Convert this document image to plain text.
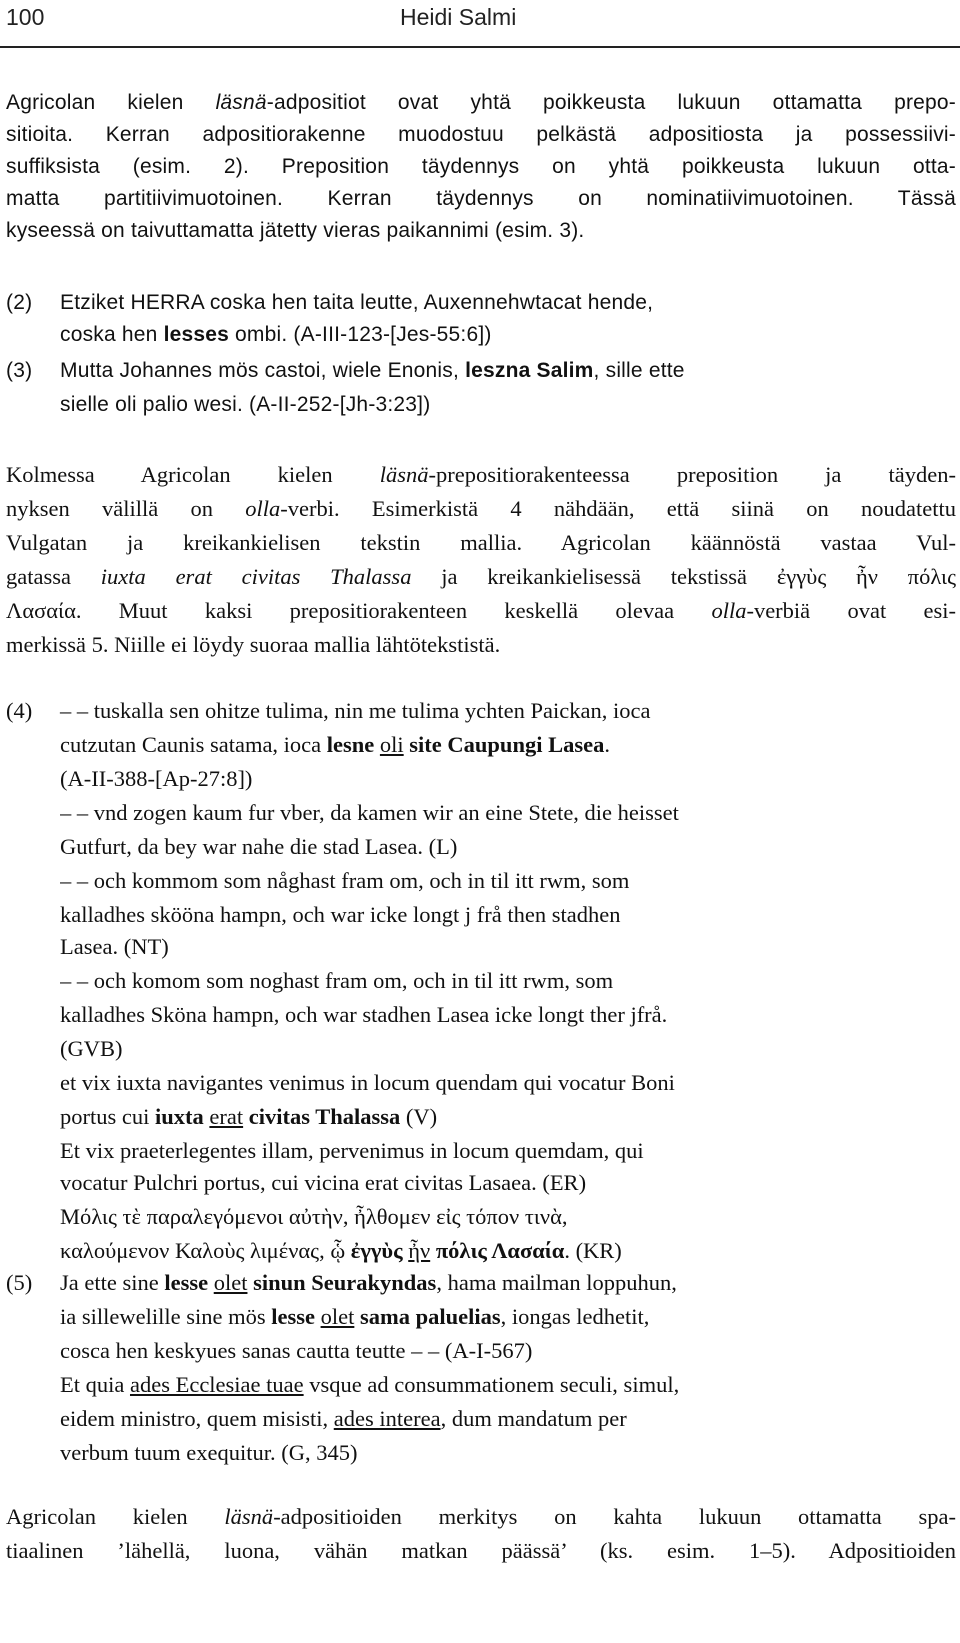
100	Heidi Salmi
Agricolan kielen läsnä-adpositiot ovat yhtä poikkeusta lukuun ottamatta prepo-
sitioita. Kerran adpositiorakenne muodostuu pelkästä adpositiosta ja possessiivi-
suffiksista (esim. 2). Preposition täydennys on yhtä poikkeusta lukuun otta-
matta partitiivimuotoinen. Kerran täydennys on nominatiivimuotoinen. Tässä
kyseessä on taivuttamatta jätetty vieras paikannimi (esim. 3).
(2) Etziket HERRA coska hen taita leutte, Auxennehwtacat hende,
coska hen lesses ombi. (A-III-123-[Jes-55:6])
(3) Mutta Johannes mös castoi, wiele Enonis, leszna Salim, sille ette
sielle oli palio wesi. (A-II-252-[Jh-3:23])
Kolmessa Agricolan kielen läsnä-prepositiorakenteessa preposition ja täyden-
nyksen välillä on olla-verbi. Esimerkistä 4 nähdään, että siinä on noudatettu
Vulgatan ja kreikankielisen tekstin mallia. Agricolan käännöstä vastaa Vul-
gatassa iuxta erat civitas Thalassa ja kreikankielisessä tekstissä ἐγγὺς ἦν πόλις
Λασαία. Muut kaksi prepositiorakenteen keskellä olevaa olla-verbiä ovat esi-
merkissä 5. Niille ei löydy suoraa mallia lähtötekstistä.
(4) – – tuskalla sen ohitze tulima, nin me tulima ychten Paickan, ioca
cutzutan Caunis satama, ioca lesne oli site Caupungi Lasea.
(A-II-388-[Ap-27:8])
– – vnd zogen kaum fur vber, da kamen wir an eine Stete, die heisset
Gutfurt, da bey war nahe die stad Lasea. (L)
– – och kommom som någhast fram om, och in til itt rwm, som
kalladhes skööna hampn, och war icke longt j frå then stadhen
Lasea. (NT)
– – och komom som noghast fram om, och in til itt rwm, som
kalladhes Sköna hampn, och war stadhen Lasea icke longt ther jfrå.
(GVB)
et vix iuxta navigantes venimus in locum quendam qui vocatur Boni
portus cui iuxta erat civitas Thalassa (V)
Et vix praeterlegentes illam, pervenimus in locum quemdam, qui
vocatur Pulchri portus, cui vicina erat civitas Lasaea. (ER)
Μόλις τὲ παραλεγόμενοι αὐτὴν, ἦλθομεν εἰς τόπον τινὰ,
καλούμενον Καλοὺς λιμένας, ᾧ ἐγγὺς ἦν πόλις Λασαία. (KR)
(5) Ja ette sine lesse olet sinun Seurakyndas, hama mailman loppuhun,
ia sillewelille sine mös lesse olet sama paluelias, iongas ledhetit,
cosca hen keskyues sanas cautta teutte – – (A-I-567)
Et quia ades Ecclesiae tuae vsque ad consummationem seculi, simul,
eidem ministro, quem misisti, ades interea, dum mandatum per
verbum tuum exequitur. (G, 345)
Agricolan kielen läsnä-adpositioiden merkitys on kahta lukuun ottamatta spa-
tiaalinen ’lähellä, luona, vähän matkan päässä’ (ks. esim. 1–5). Adpositioiden
